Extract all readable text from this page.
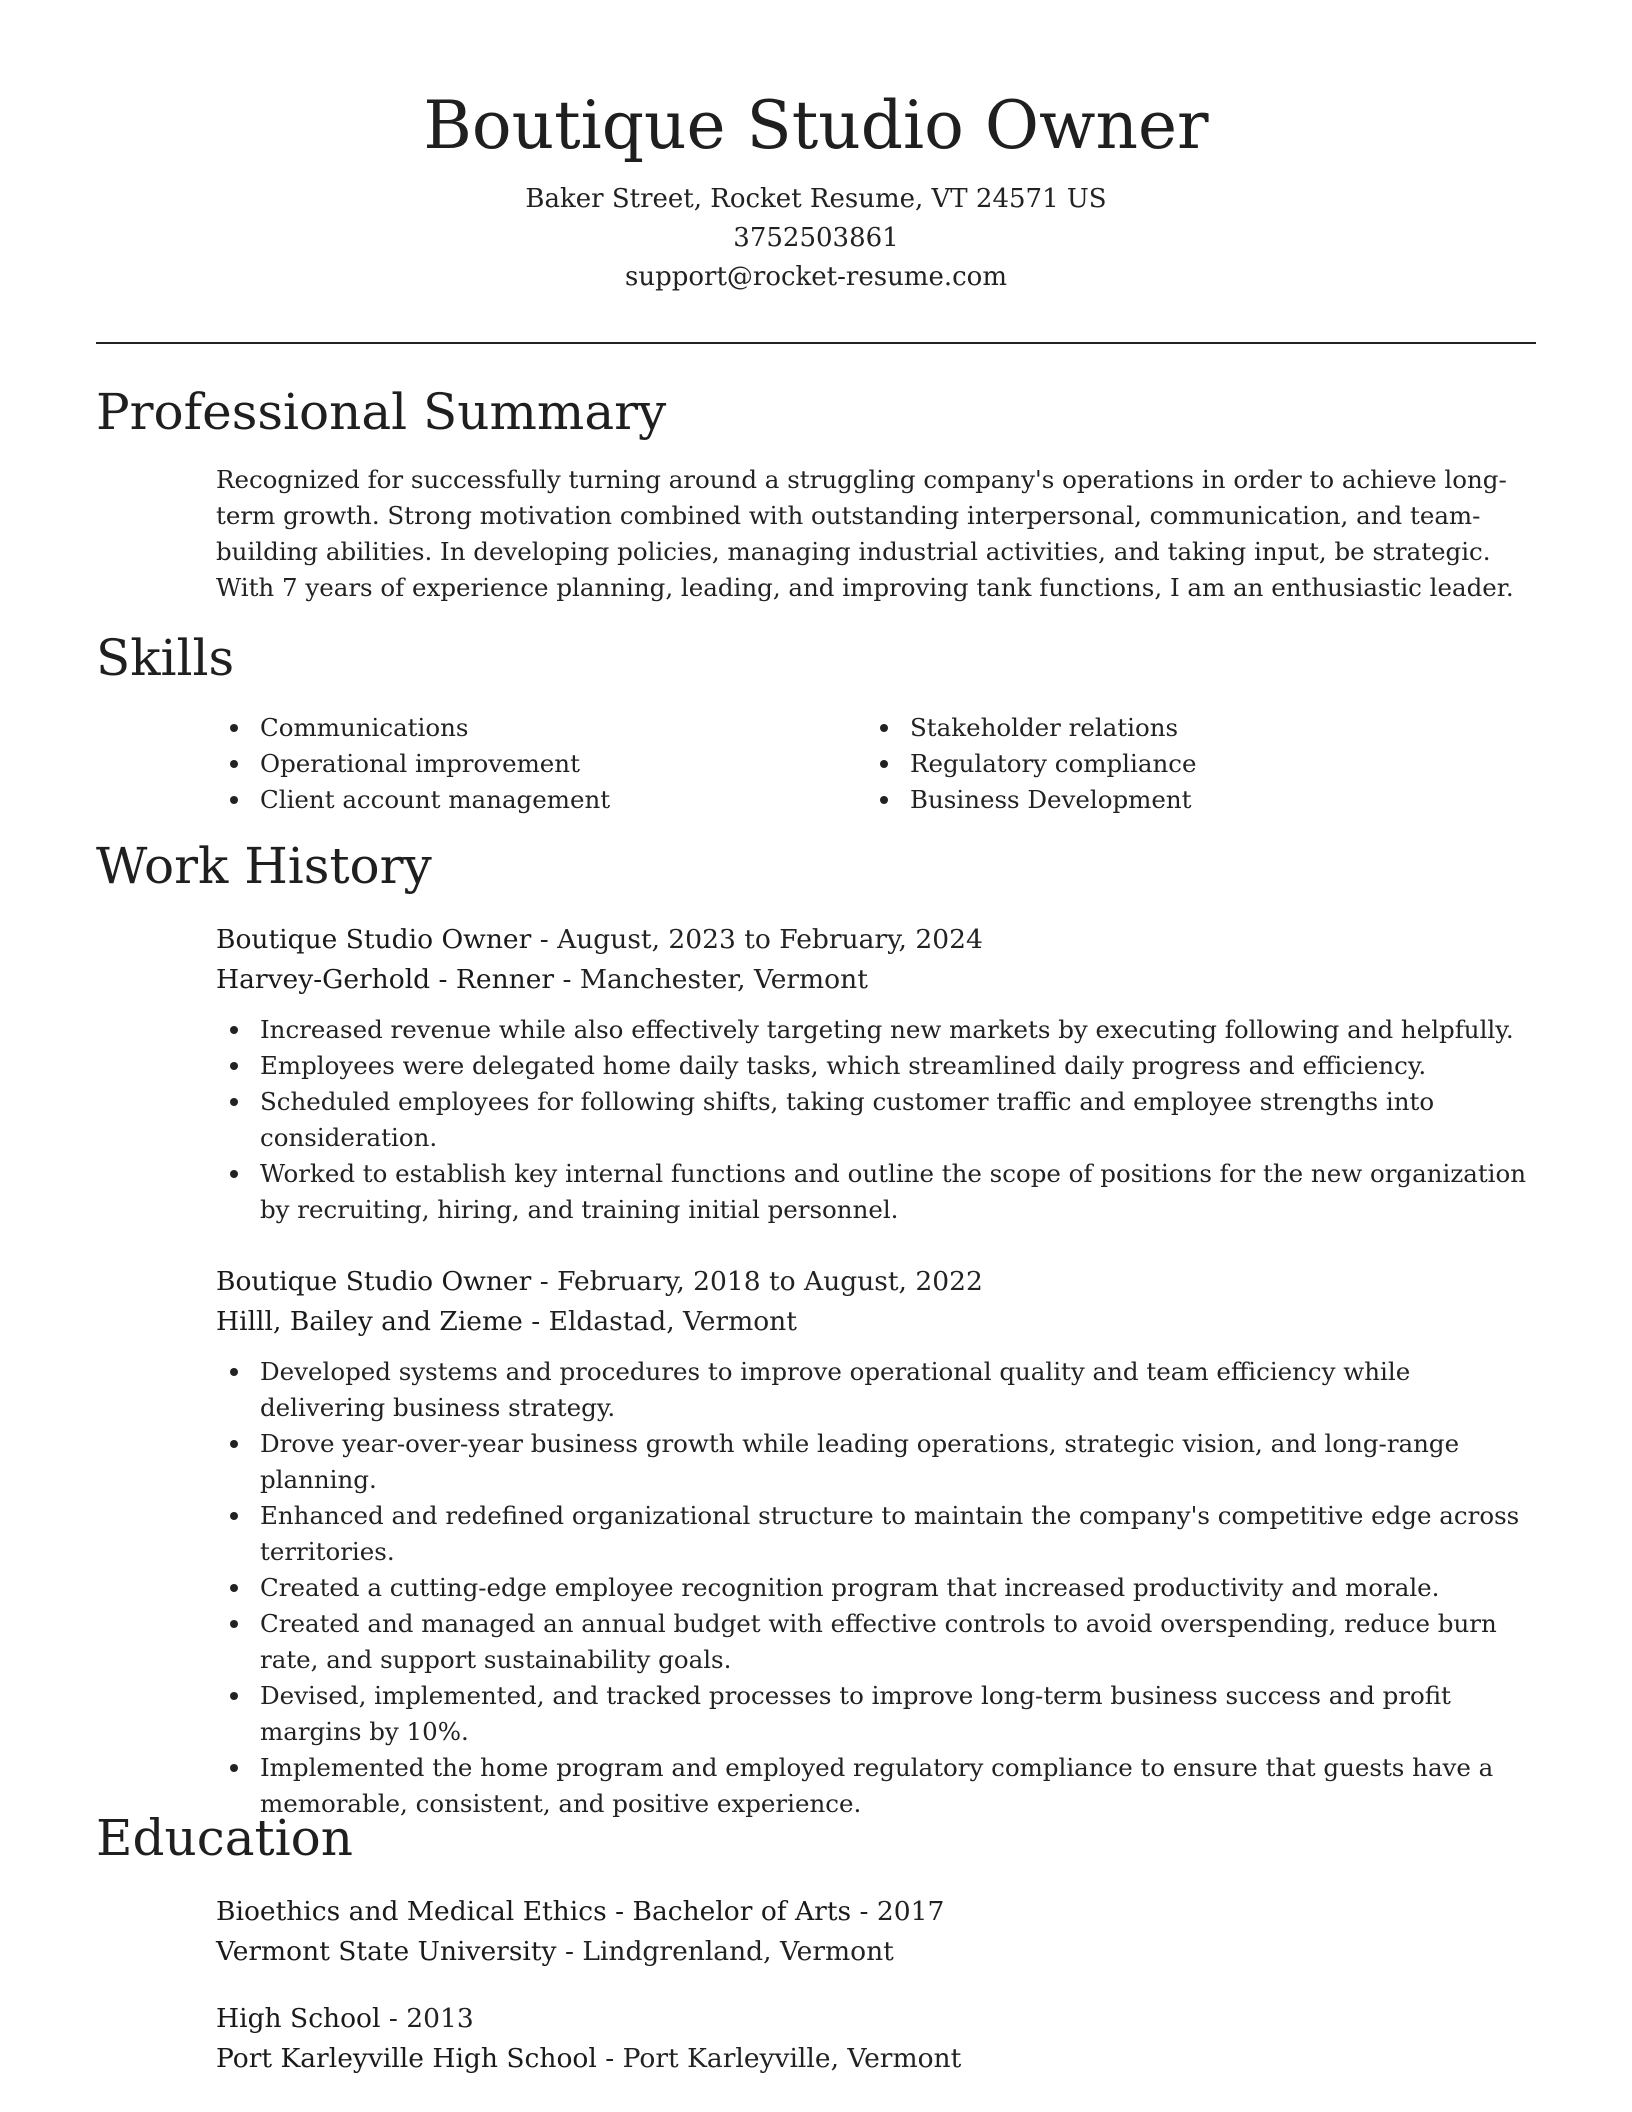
Boutique Studio Owner
Baker Street, Rocket Resume, VT 24571 US
3752503861
support@rocket-resume.com
Professional Summary
Recognized for successfully turning around a struggling company's operations in order to achieve long-term growth. Strong motivation combined with outstanding interpersonal, communication, and team-building abilities. In developing policies, managing industrial activities, and taking input, be strategic. With 7 years of experience planning, leading, and improving tank functions, I am an enthusiastic leader.
Skills
Communications
Operational improvement
Client account management
Stakeholder relations
Regulatory compliance
Business Development
Work History
Boutique Studio Owner - August, 2023 to February, 2024
Harvey-Gerhold - Renner - Manchester, Vermont
Increased revenue while also effectively targeting new markets by executing following and helpfully.
Employees were delegated home daily tasks, which streamlined daily progress and efficiency.
Scheduled employees for following shifts, taking customer traffic and employee strengths into consideration.
Worked to establish key internal functions and outline the scope of positions for the new organization by recruiting, hiring, and training initial personnel.
Boutique Studio Owner - February, 2018 to August, 2022
Hilll, Bailey and Zieme - Eldastad, Vermont
Developed systems and procedures to improve operational quality and team efficiency while delivering business strategy.
Drove year-over-year business growth while leading operations, strategic vision, and long-range planning.
Enhanced and redefined organizational structure to maintain the company's competitive edge across territories.
Created a cutting-edge employee recognition program that increased productivity and morale.
Created and managed an annual budget with effective controls to avoid overspending, reduce burn rate, and support sustainability goals.
Devised, implemented, and tracked processes to improve long-term business success and profit margins by 10%.
Implemented the home program and employed regulatory compliance to ensure that guests have a memorable, consistent, and positive experience.
Education
Bioethics and Medical Ethics - Bachelor of Arts - 2017
Vermont State University - Lindgrenland, Vermont
High School - 2013
Port Karleyville High School - Port Karleyville, Vermont
